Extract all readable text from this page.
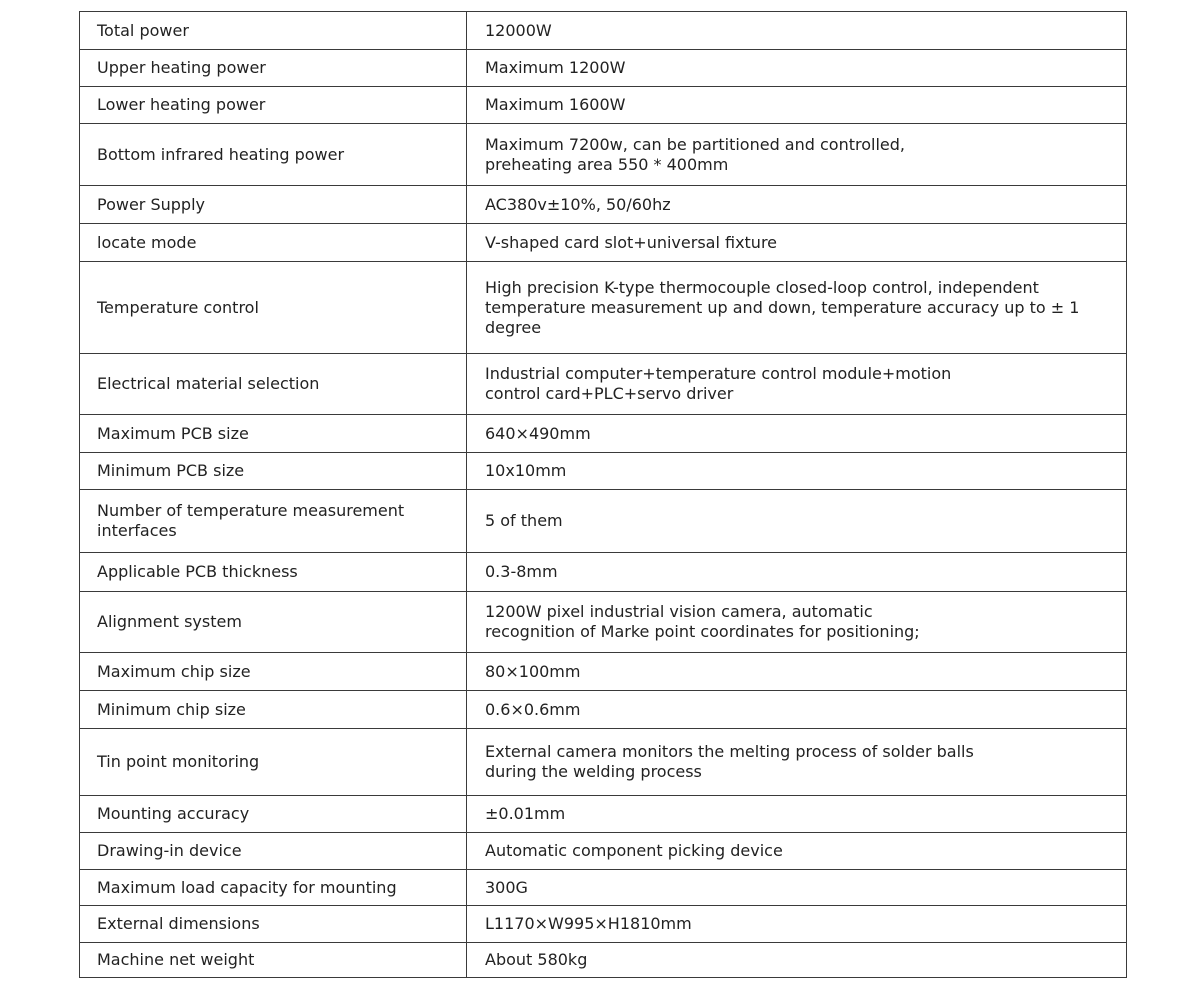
Total power	12000W
Upper heating power	Maximum 1200W
Lower heating power	Maximum 1600W
Bottom infrared heating power	Maximum 7200w, can be partitioned and controlled, preheating area 550 * 400mm
Power Supply	AC380v±10%, 50/60hz
locate mode	V-shaped card slot+universal fixture
Temperature control	High precision K-type thermocouple closed-loop control, independent temperature measurement up and down, temperature accuracy up to ± 1 degree
Electrical material selection	Industrial computer+temperature control module+motion control card+PLC+servo driver
Maximum PCB size	640×490mm
Minimum PCB size	10x10mm
Number of temperature measurement interfaces	5 of them
Applicable PCB thickness	0.3-8mm
Alignment system	1200W pixel industrial vision camera, automatic recognition of Marke point coordinates for positioning;
Maximum chip size	80×100mm
Minimum chip size	0.6×0.6mm
Tin point monitoring	External camera monitors the melting process of solder balls during the welding process
Mounting accuracy	±0.01mm
Drawing-in device	Automatic component picking device
Maximum load capacity for mounting	300G
External dimensions	L1170×W995×H1810mm
Machine net weight	About 580kg
